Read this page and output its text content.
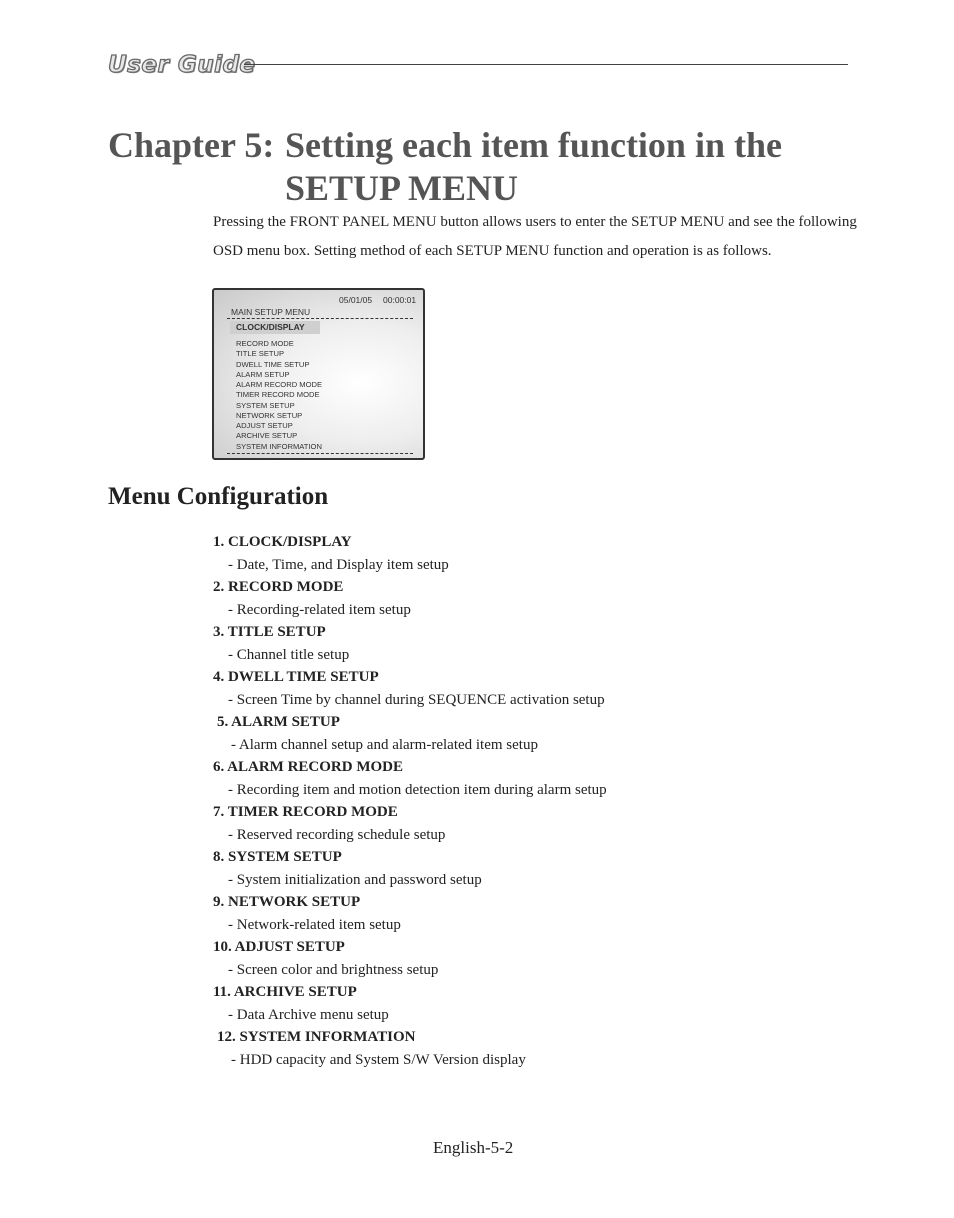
User Guide
Chapter 5: Setting each item function in the
SETUP MENU

Pressing the FRONT PANEL MENU button allows users to enter the SETUP MENU and see the following OSD menu box. Setting method of each SETUP MENU function and operation is as follows.

05/01/05 00:00:01
MAIN SETUP MENU
CLOCK/DISPLAY
RECORD MODE
TITLE SETUP
DWELL TIME SETUP
ALARM SETUP
ALARM RECORD MODE
TIMER RECORD MODE
SYSTEM SETUP
NETWORK SETUP
ADJUST SETUP
ARCHIVE SETUP
SYSTEM INFORMATION
Menu Configuration
1. CLOCK/DISPLAY
- Date, Time, and Display item setup
2. RECORD MODE
- Recording-related item setup
3. TITLE SETUP
- Channel title setup
4. DWELL TIME SETUP
- Screen Time by channel during SEQUENCE activation setup
5. ALARM SETUP
- Alarm channel setup and alarm-related item setup
6. ALARM RECORD MODE
- Recording item and motion detection item during alarm setup
7. TIMER RECORD MODE
- Reserved recording schedule setup
8. SYSTEM SETUP
- System initialization and password setup
9. NETWORK SETUP
- Network-related item setup
10. ADJUST SETUP
- Screen color and brightness setup
11. ARCHIVE SETUP
- Data Archive menu setup
12. SYSTEM INFORMATION
- HDD capacity and System S/W Version display
English-5-2
